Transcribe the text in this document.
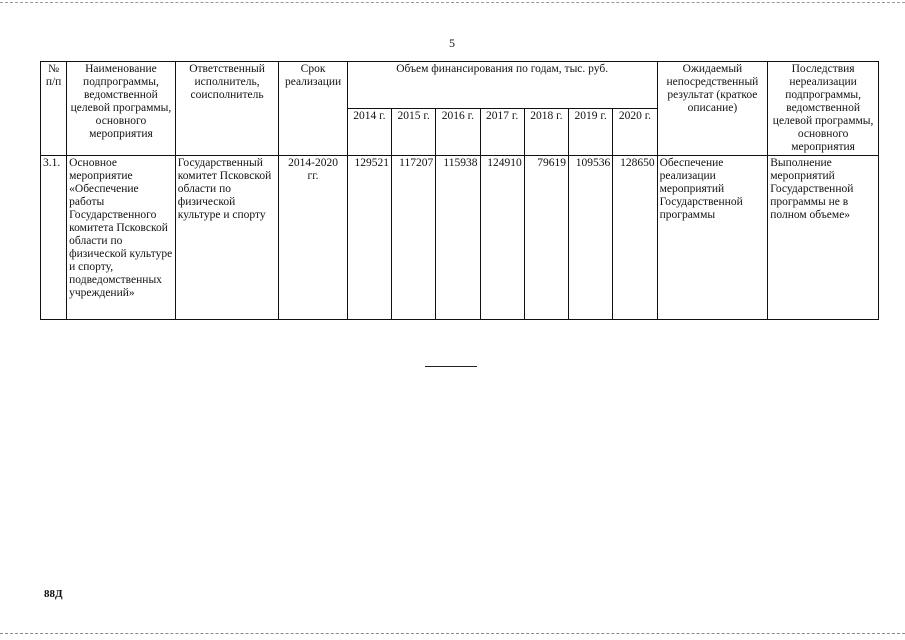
5
№ п/п	Наименование подпрограммы, ведомственной целевой программы, основного мероприятия	Ответственный исполнитель, соисполнитель	Срок реализации	Объем финансирования по годам, тыс. руб.							Ожидаемый непосредственный результат (краткое описание)	Последствия нереализации подпрограммы, ведомственной целевой программы, основного мероприятия
				2014 г.	2015 г.	2016 г.	2017 г.	2018 г.	2019 г.	2020 г.		
3.1.	Основное мероприятие «Обеспечение работы Государственного комитета Псковской области по физической культуре и спорту, подведомственных учреждений»	Государственный комитет Псковской области по физической культуре и спорту	2014-2020 гг.	129521	117207	115938	124910	79619	109536	128650	Обеспечение реализации мероприятий Государственной программы	Выполнение мероприятий Государственной программы не в полном объеме»
88Д
